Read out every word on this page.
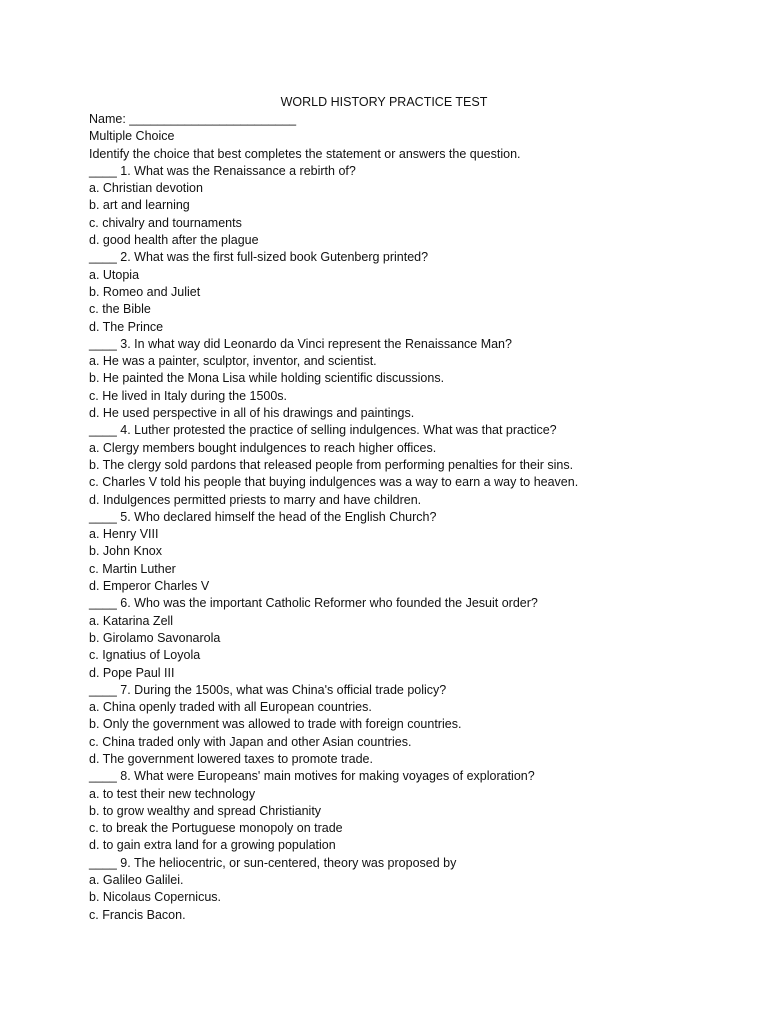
WORLD HISTORY PRACTICE TEST
Name: ________________________
Multiple Choice
Identify the choice that best completes the statement or answers the question.
____ 1. What was the Renaissance a rebirth of?
a. Christian devotion
b. art and learning
c. chivalry and tournaments
d. good health after the plague
____ 2. What was the first full-sized book Gutenberg printed?
a. Utopia
b. Romeo and Juliet
c. the Bible
d. The Prince
____ 3. In what way did Leonardo da Vinci represent the Renaissance Man?
a. He was a painter, sculptor, inventor, and scientist.
b. He painted the Mona Lisa while holding scientific discussions.
c. He lived in Italy during the 1500s.
d. He used perspective in all of his drawings and paintings.
____ 4. Luther protested the practice of selling indulgences. What was that practice?
a. Clergy members bought indulgences to reach higher offices.
b. The clergy sold pardons that released people from performing penalties for their sins.
c. Charles V told his people that buying indulgences was a way to earn a way to heaven.
d. Indulgences permitted priests to marry and have children.
____ 5. Who declared himself the head of the English Church?
a. Henry VIII
b. John Knox
c. Martin Luther
d. Emperor Charles V
____ 6. Who was the important Catholic Reformer who founded the Jesuit order?
a. Katarina Zell
b. Girolamo Savonarola
c. Ignatius of Loyola
d. Pope Paul III
____ 7. During the 1500s, what was China's official trade policy?
a. China openly traded with all European countries.
b. Only the government was allowed to trade with foreign countries.
c. China traded only with Japan and other Asian countries.
d. The government lowered taxes to promote trade.
____ 8. What were Europeans' main motives for making voyages of exploration?
a. to test their new technology
b. to grow wealthy and spread Christianity
c. to break the Portuguese monopoly on trade
d. to gain extra land for a growing population
____ 9. The heliocentric, or sun-centered, theory was proposed by
a. Galileo Galilei.
b. Nicolaus Copernicus.
c. Francis Bacon.
